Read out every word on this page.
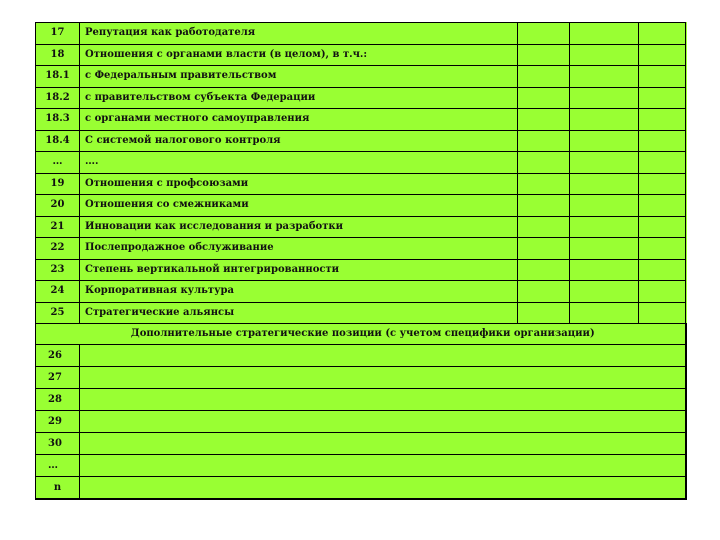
17	Репутация как работодателя			
18	Отношения с органами власти (в целом), в т.ч.:			
18.1	с Федеральным правительством			
18.2	с правительством субъекта Федерации			
18.3	с органами местного самоуправления			
18.4	С системой налогового контроля			
…	….			
19	Отношения с профсоюзами			
20	Отношения со смежниками			
21	Инновации как исследования и разработки			
22	Послепродажное обслуживание			
23	Степень вертикальной интегрированности			
24	Корпоративная культура			
25	Стратегические альянсы			
Дополнительные стратегические позиции (с учетом специфики организации)				
26				
27				
28				
29				
30				
…				
n				
